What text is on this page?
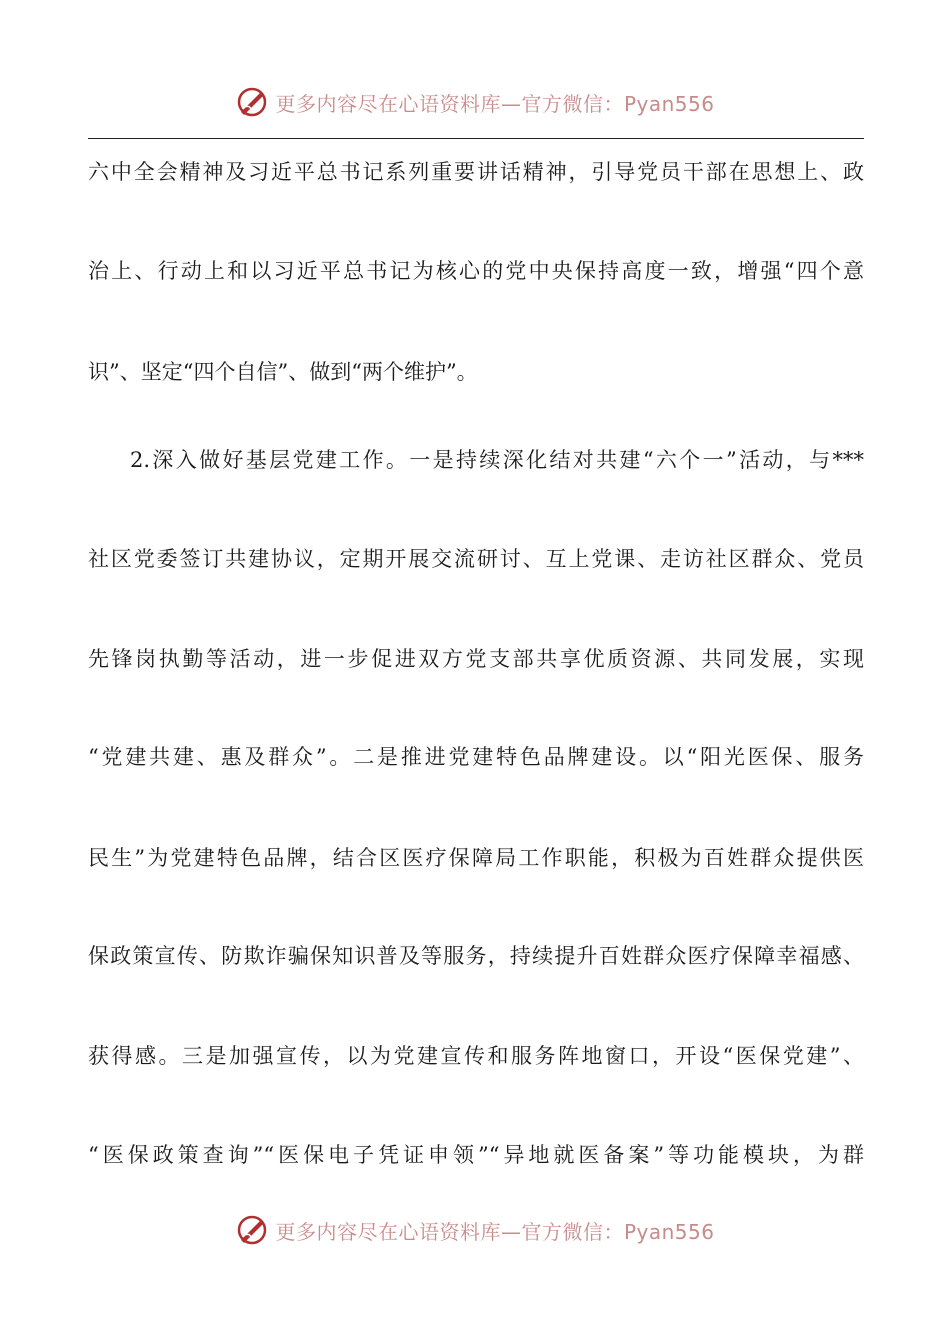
更多内容尽在心语资料库—官方微信：Pyan556
六中全会精神及习近平总书记系列重要讲话精神，引导党员干部在思想上、政
治上、行动上和以习近平总书记为核心的党中央保持高度一致，增强“四个意
识”、坚定“四个自信”、做到“两个维护”。
2.深入做好基层党建工作。一是持续深化结对共建“六个一”活动，与***
社区党委签订共建协议，定期开展交流研讨、互上党课、走访社区群众、党员
先锋岗执勤等活动，进一步促进双方党支部共享优质资源、共同发展，实现
“党建共建、惠及群众”。二是推进党建特色品牌建设。以“阳光医保、服务
民生”为党建特色品牌，结合区医疗保障局工作职能，积极为百姓群众提供医
保政策宣传、防欺诈骗保知识普及等服务，持续提升百姓群众医疗保障幸福感、
获得感。三是加强宣传，以为党建宣传和服务阵地窗口，开设“医保党建”、
“医保政策查询”“医保电子凭证申领”“异地就医备案”等功能模块，为群
更多内容尽在心语资料库—官方微信：Pyan556
